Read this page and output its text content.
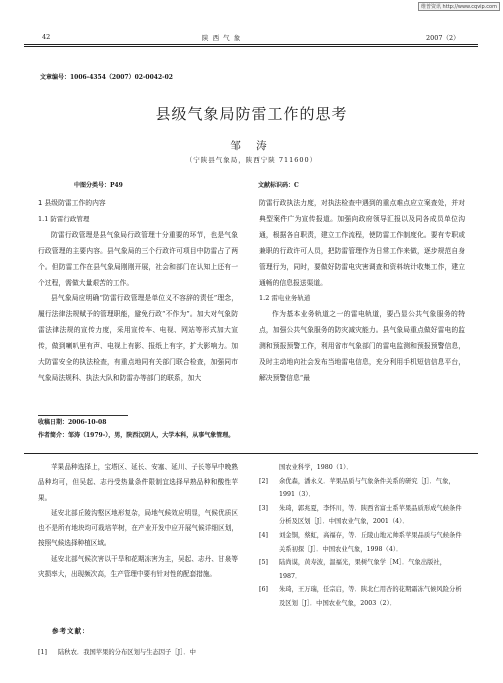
维普资讯 http://www.cqvip.com
42	陕 西 气 象	2007（2）
文章编号：1006-4354（2007）02-0042-02
县级气象局防雷工作的思考
邹 涛
（宁陕县气象局，陕西宁陕 711600）
中图分类号：P49	文献标识码：C

1 县级防雷工作的内容

1.1 防雷行政管理

防雷行政管理是县气象局行政管理十分重要的环节，也是气象行政管理的主要内容。县气象局的三个行政许可项目中防雷占了两个。但防雷工作在县气象局刚刚开展，社会和部门在认知上还有一个过程，需做大量艰苦的工作。

县气象局应明确“防雷行政管理是单位义不容辞的责任”理念，履行法律法规赋予的管理职能，避免行政“不作为”。加大对气象防雷法律法规的宣传力度，采用宣传车、电视、网站等形式加大宣传，做到喇叭里有声、电视上有影、报纸上有字，扩大影响力。加大防雷安全的执法检查，有重点地同有关部门联合检查，加强同市气象局法规科、执法大队和防雷办等部门的联系，加大

防雷行政执法力度，对执法检查中遇到的重点难点应立案查处，并对典型案件广为宣传报道。加强向政府领导汇报以及同各成员单位沟通，根据各自职责，建立工作流程，使防雷工作制度化。要有专职或兼职的行政许可人员，把防雷管理作为日常工作来做，逐步规范自身管理行为，同时，要做好防雷电灾害调查和资料统计收集工作，建立通畅的信息报送渠道。

1.2 雷电业务轨道

作为基本业务轨道之一的雷电轨道，要凸显公共气象服务的特点，加强公共气象服务的防灾减灾能力。县气象局重点做好雷电的监测和预报预警工作，利用省市气象部门的雷电监测和预报预警信息，及时主动地向社会发布当地雷电信息，充分利用手机短信信息平台，解决预警信息“最

收稿日期：2006-10-08
作者简介：邹涛（1979-），男，陕西汉阴人，大学本科，从事气象管理。

苹果品种选择上，宝塔区、延长、安塞、延川、子长等早中晚熟品种均可，但吴起、志丹受热量条件限制宜选择早熟品种和酸性苹果。

延安北部丘陵沟壑区地形复杂，局地气候效应明显，气候优质区也不是所有地块均可栽培苹树，在产业开发中应开展气候详细区划，按照气候选择种植区域。

延安北部气候次害以干旱和花期冻害为主，吴起、志丹、甘泉等灾损率大，出现频次高，生产管理中要有针对性的配套措施。

参考文献：
[1]	陆秋农．我国苹果的分布区划与生态因子［J］．中
国农业科学，1980（1）．
[2]	余优森，潘永义．苹果品质与气象条件关系的研究［J］．气象，1991（3）．
[3]	朱琦，郭兆夏，李怀川，等．陕西省富士系苹果品质形成气候条件分析及区划［J］．中国农业气象，2001（4）．
[4]	刘金铜，蔡虹，高福存，等．丘陵山地元帅系苹果品质与气候条件关系初探［J］．中国农业气象，1998（4）．
[5]	陆尚谟，黄寿波，温福光，果树气象学［M］．气象出版社，1987．
[6]	朱琦，王万瑞，任宗启，等．陕北仁用杏的花期霜冻气候风险分析及区划［J］．中国农业气象，2003（2）．
